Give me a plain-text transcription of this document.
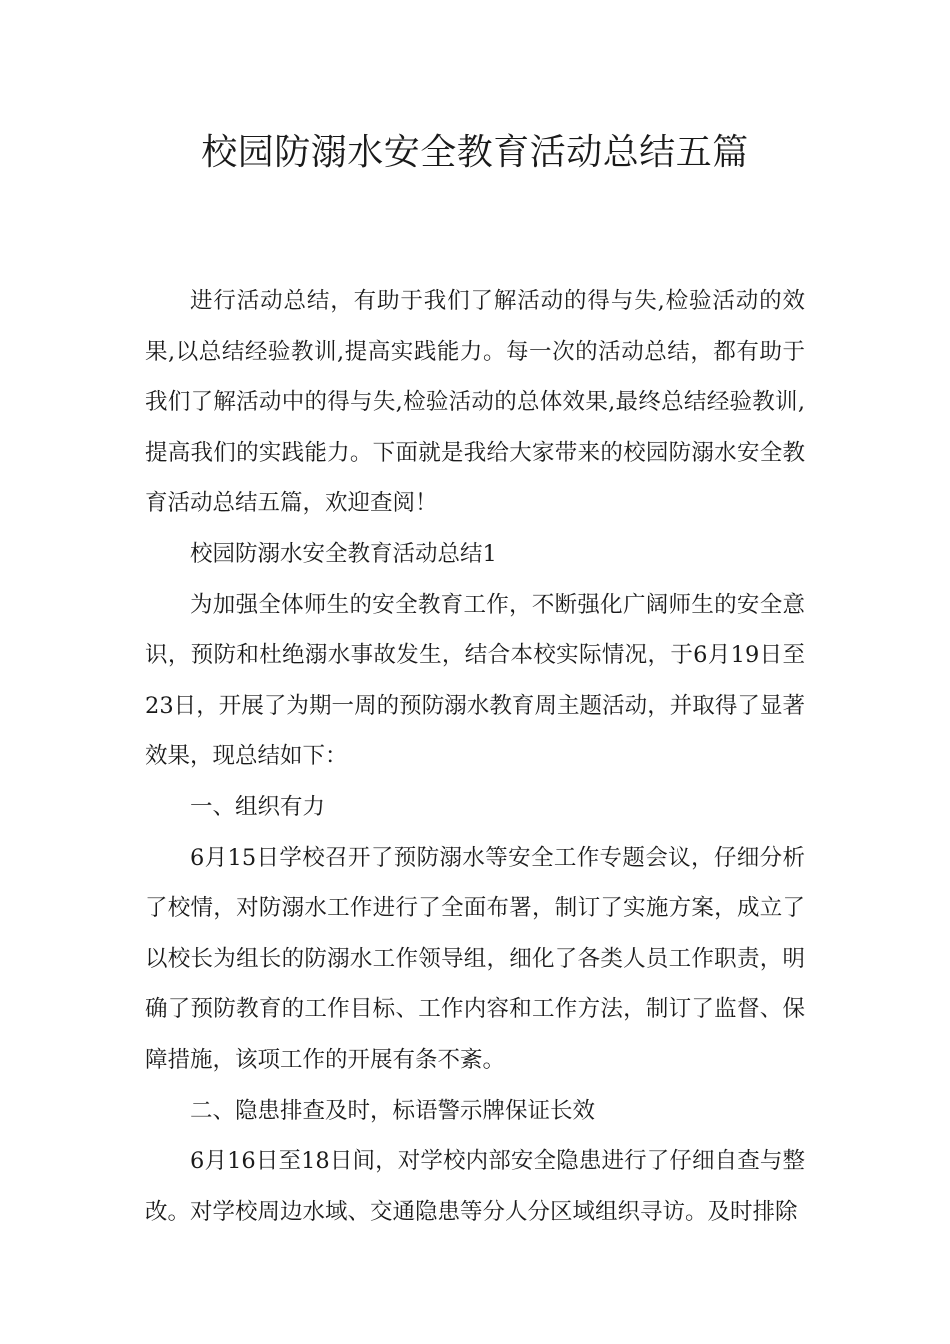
校园防溺水安全教育活动总结五篇

进行活动总结，有助于我们了解活动的得与失,检验活动的效果,以总结经验教训,提高实践能力。每一次的活动总结，都有助于我们了解活动中的得与失,检验活动的总体效果,最终总结经验教训,提高我们的实践能力。下面就是我给大家带来的校园防溺水安全教育活动总结五篇，欢迎查阅！

校园防溺水安全教育活动总结1

为加强全体师生的安全教育工作，不断强化广阔师生的安全意识，预防和杜绝溺水事故发生，结合本校实际情况，于6月19日至23日，开展了为期一周的预防溺水教育周主题活动，并取得了显著效果，现总结如下：

一、组织有力

6月15日学校召开了预防溺水等安全工作专题会议，仔细分析了校情，对防溺水工作进行了全面布署，制订了实施方案，成立了以校长为组长的防溺水工作领导组，细化了各类人员工作职责，明确了预防教育的工作目标、工作内容和工作方法，制订了监督、保障措施，该项工作的开展有条不紊。

二、隐患排查及时，标语警示牌保证长效

6月16日至18日间，对学校内部安全隐患进行了仔细自查与整改。对学校周边水域、交通隐患等分人分区域组织寻访。及时排除
